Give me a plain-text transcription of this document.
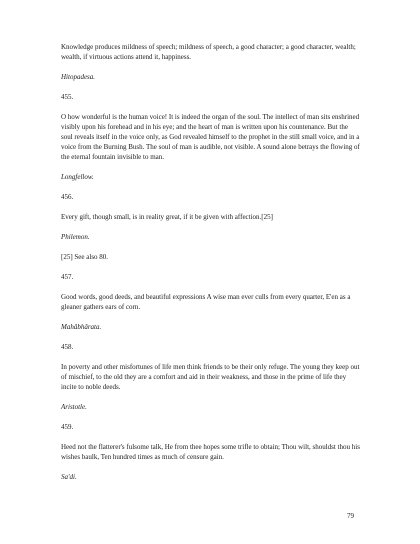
Knowledge produces mildness of speech; mildness of speech, a good character; a good character, wealth; wealth, if virtuous actions attend it, happiness.

Hitopadesa.

455.

O how wonderful is the human voice! It is indeed the organ of the soul. The intellect of man sits enshrined visibly upon his forehead and in his eye; and the heart of man is written upon his countenance. But the soul reveals itself in the voice only, as God revealed himself to the prophet in the still small voice, and in a voice from the Burning Bush. The soul of man is audible, not visible. A sound alone betrays the flowing of the eternal fountain invisible to man.

Longfellow.

456.

Every gift, though small, is in reality great, if it be given with affection.[25]

Philemon.

[25] See also 80.

457.

Good words, good deeds, and beautiful expressions A wise man ever culls from every quarter, E'en as a gleaner gathers ears of corn.

Mahâbhârata.

458.

In poverty and other misfortunes of life men think friends to be their only refuge. The young they keep out of mischief, to the old they are a comfort and aid in their weakness, and those in the prime of life they incite to noble deeds.

Aristotle.

459.

Heed not the flatterer's fulsome talk, He from thee hopes some trifle to obtain; Thou wilt, shouldst thou his wishes baulk, Ten hundred times as much of censure gain.

Sa'di.

79
